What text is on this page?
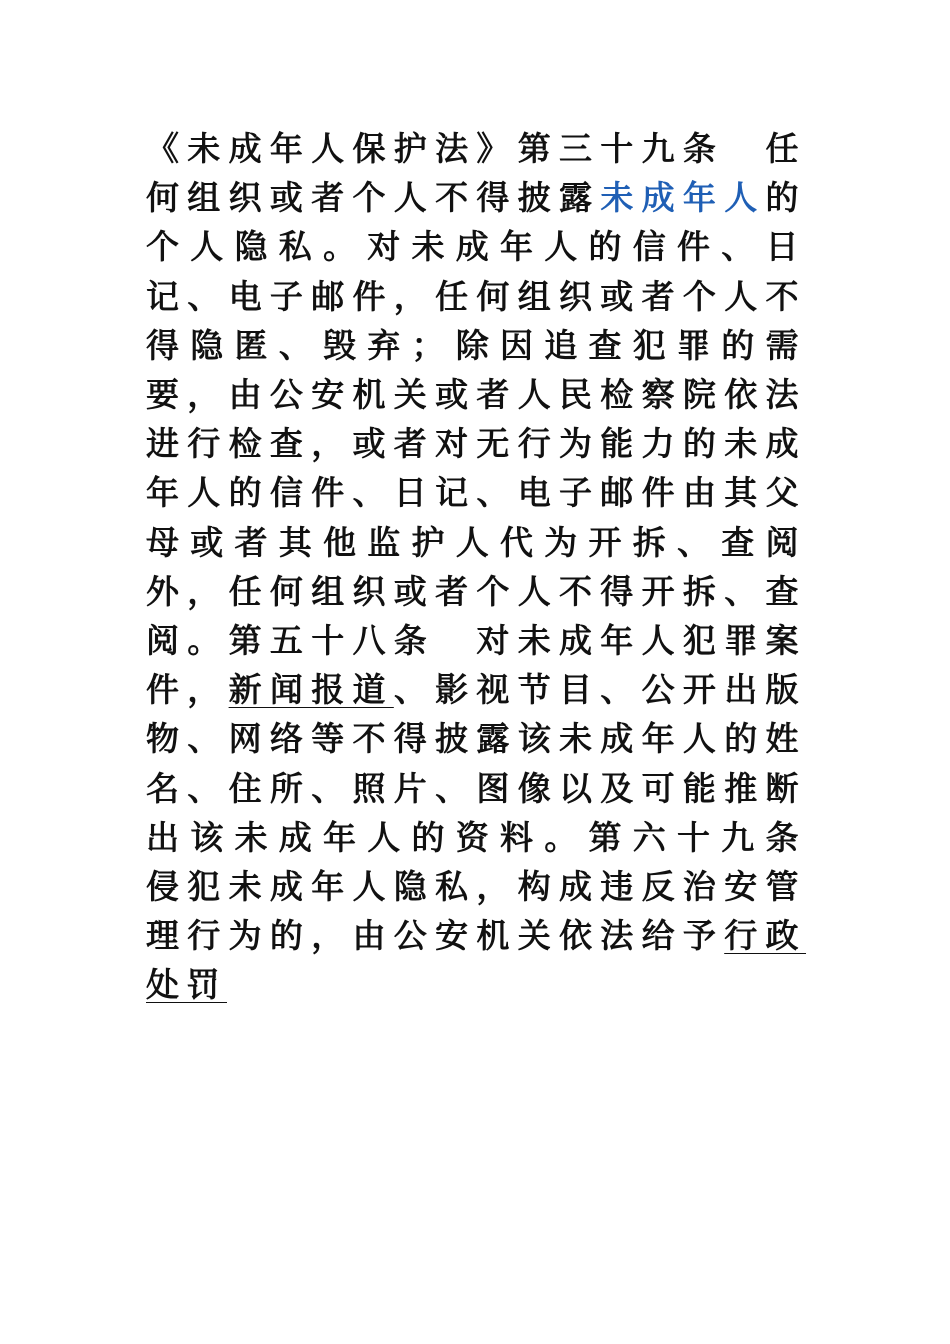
《未成年人保护法》第三十九条　任何组织或者个人不得披露未成年人的个人隐私。对未成年人的信件、日记、电子邮件，任何组织或者个人不得隐匿、毁弃；除因追查犯罪的需要，由公安机关或者人民检察院依法进行检查，或者对无行为能力的未成年人的信件、日记、电子邮件由其父母或者其他监护人代为开拆、查阅外，任何组织或者个人不得开拆、查阅。第五十八条　对未成年人犯罪案件，新闻报道、影视节目、公开出版物、网络等不得披露该未成年人的姓名、住所、照片、图像以及可能推断出该未成年人的资料。第六十九条　侵犯未成年人隐私，构成违反治安管理行为的，由公安机关依法给予行政处罚
